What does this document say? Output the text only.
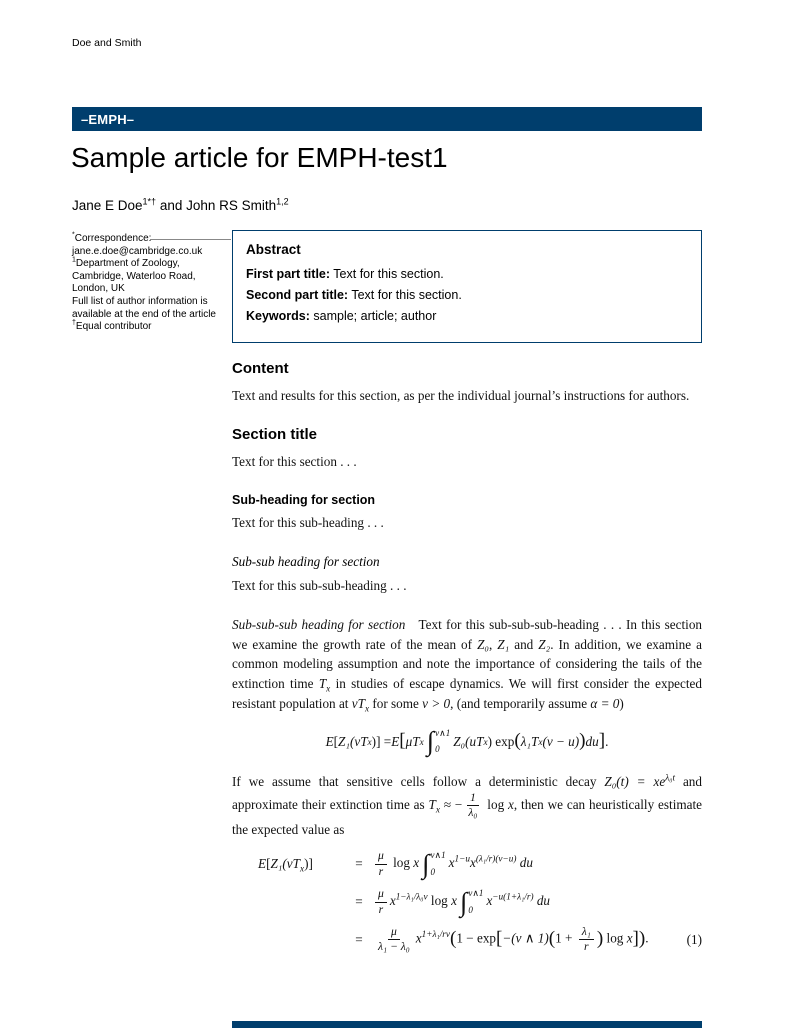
Doe and Smith
–EMPH–
Sample article for EMPH-test1
Jane E Doe$^{1*\dagger}$ and John RS Smith$^{1,2}$
*Correspondence:
jane.e.doe@cambridge.co.uk
$^1$Department of Zoology,
Cambridge, Waterloo Road,
London, UK
Full list of author information is
available at the end of the article
†Equal contributor
Abstract

First part title: Text for this section.

Second part title: Text for this section.

Keywords: sample; article; author

Content

Text and results for this section, as per the individual journal’s instructions for authors.

Section title

Text for this section . . .

Sub-heading for section

Text for this sub-heading . . .

Sub-sub heading for section

Text for this sub-sub-heading . . .

Sub-sub-sub heading for section  Text for this sub-sub-sub-heading . . . In this section we examine the growth rate of the mean of Z₀, Z₁ and Z₂. In addition, we examine a common modeling assumption and note the importance of considering the tails of the extinction time $T_x$ in studies of escape dynamics. We will first consider the expected resistant population at $vT_x$ for some v > 0, (and temporarily assume α = 0)

E [ Z₁(vT x ) ] = E [ μT x ∫ v∧1
0
Z₀(uT x ) exp ( λ₁T x (v − u) ) du ] .

If we assume that sensitive cells follow a deterministic decay $Z_0(t) = xe^{\lambda_0t}$ and approximate their extinction time as $T_x$ ≈ − $\frac{1}{\text{λ₀}}$ log x, then we can heuristically estimate the expected value as

$E[Z_1(vT_x)]$	=	$\frac{\mu}{r}$ log x ∫ v∧1
0
$x^{1-u}x^{(\lambda_1/r)(v-u)}$ du
=	$\frac{\mu}{r} x^{1-\lambda_1/\lambda_0v}$ log x ∫ v∧1
0
$x^{-u(1+\lambda_1/r)}$ du
=	$\frac{\mu}{\text{λ₁ − λ₀}} x^{1+\lambda_1/rv}(1 - \exp[-(v$ ∧ $1)(1 + \frac{\text{λ₁}}{r}$ ) log x]).	(1)
